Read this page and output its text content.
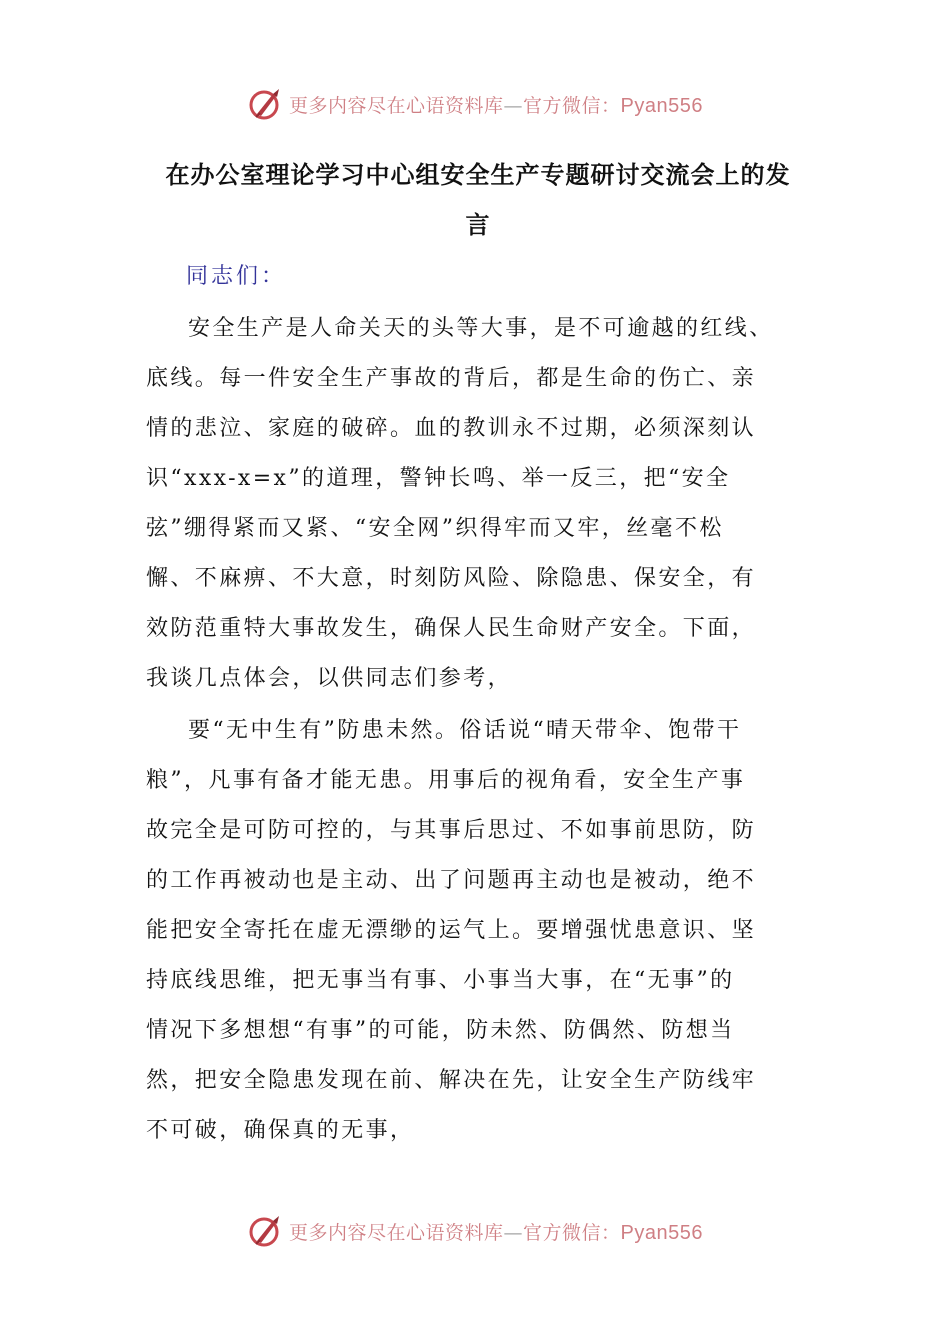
更多内容尽在心语资料库—官方微信：Pyan556
在办公室理论学习中心组安全生产专题研讨交流会上的发
言
同志们：
安全生产是人命关天的头等大事，是不可逾越的红线、
底线。每一件安全生产事故的背后，都是生命的伤亡、亲
情的悲泣、家庭的破碎。血的教训永不过期，必须深刻认
识“xxx-x=x”的道理，警钟长鸣、举一反三，把“安全
弦”绷得紧而又紧、“安全网”织得牢而又牢，丝毫不松
懈、不麻痹、不大意，时刻防风险、除隐患、保安全，有
效防范重特大事故发生，确保人民生命财产安全。下面，
我谈几点体会，以供同志们参考，
要“无中生有”防患未然。俗话说“晴天带伞、饱带干
粮”，凡事有备才能无患。用事后的视角看，安全生产事
故完全是可防可控的，与其事后思过、不如事前思防，防
的工作再被动也是主动、出了问题再主动也是被动，绝不
能把安全寄托在虚无漂缈的运气上。要增强忧患意识、坚
持底线思维，把无事当有事、小事当大事，在“无事”的
情况下多想想“有事”的可能，防未然、防偶然、防想当
然，把安全隐患发现在前、解决在先，让安全生产防线牢
不可破，确保真的无事，
更多内容尽在心语资料库—官方微信：Pyan556
